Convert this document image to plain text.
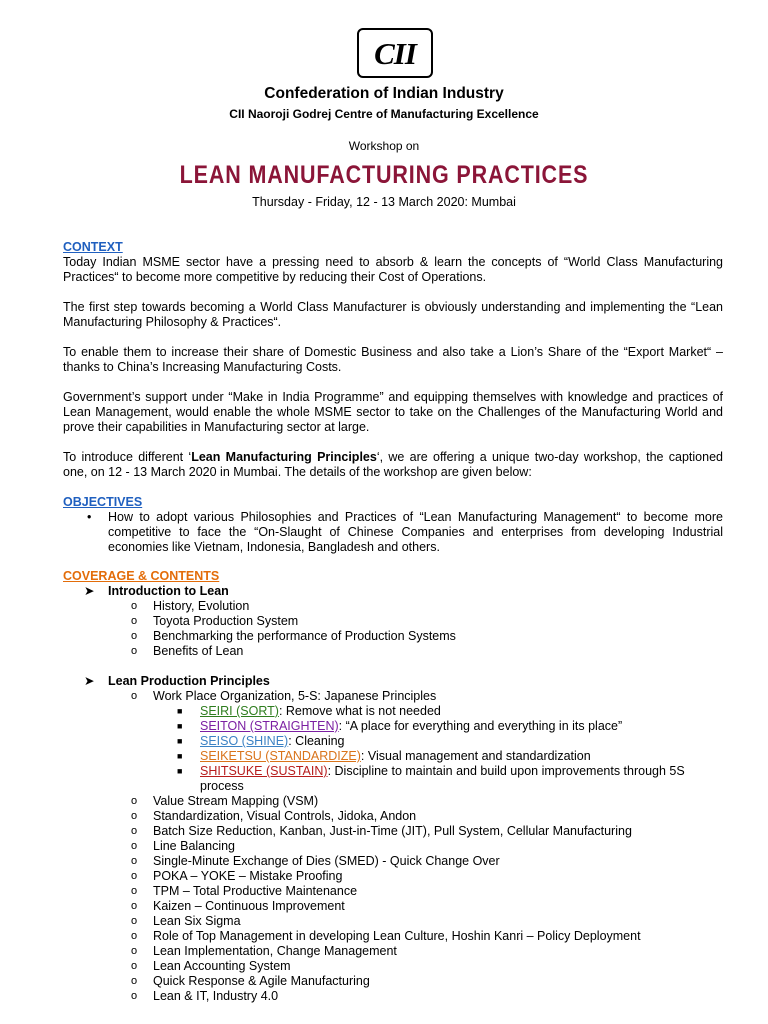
CII
Confederation of Indian Industry
CII Naoroji Godrej Centre of Manufacturing Excellence
Workshop on
LEAN MANUFACTURING PRACTICES
Thursday - Friday, 12 - 13 March 2020: Mumbai
CONTEXT

Today Indian MSME sector have a pressing need to absorb & learn the concepts of “World Class Manufacturing Practices“ to become more competitive by reducing their Cost of Operations.

The first step towards becoming a World Class Manufacturer is obviously understanding and implementing the “Lean Manufacturing Philosophy & Practices“.

To enable them to increase their share of Domestic Business and also take a Lion’s Share of the “Export Market“ – thanks to China’s Increasing Manufacturing Costs.

Government’s support under “Make in India Programme” and equipping themselves with knowledge and practices of Lean Management, would enable the whole MSME sector to take on the Challenges of the Manufacturing World and prove their capabilities in Manufacturing sector at large.

To introduce different ‘Lean Manufacturing Principles‘, we are offering a unique two-day workshop, the captioned one, on 12 - 13 March 2020 in Mumbai. The details of the workshop are given below:

OBJECTIVES
• How to adopt various Philosophies and Practices of “Lean Manufacturing Management“ to become more competitive to face the “On-Slaught of Chinese Companies and enterprises from developing Industrial economies like Vietnam, Indonesia, Bangladesh and others.
COVERAGE & CONTENTS
➤ Introduction to Lean
o History, Evolution
o Toyota Production System
o Benchmarking the performance of Production Systems
o Benefits of Lean
➤ Lean Production Principles
o Work Place Organization, 5-S: Japanese Principles
■ SEIRI (SORT): Remove what is not needed
■ SEITON (STRAIGHTEN): “A place for everything and everything in its place”
■ SEISO (SHINE): Cleaning
■ SEIKETSU (STANDARDIZE): Visual management and standardization
■ SHITSUKE (SUSTAIN): Discipline to maintain and build upon improvements through 5S process
o Value Stream Mapping (VSM)
o Standardization, Visual Controls, Jidoka, Andon
o Batch Size Reduction, Kanban, Just-in-Time (JIT), Pull System, Cellular Manufacturing
o Line Balancing
o Single-Minute Exchange of Dies (SMED) - Quick Change Over
o POKA – YOKE – Mistake Proofing
o TPM – Total Productive Maintenance
o Kaizen – Continuous Improvement
o Lean Six Sigma
o Role of Top Management in developing Lean Culture, Hoshin Kanri – Policy Deployment
o Lean Implementation, Change Management
o Lean Accounting System
o Quick Response & Agile Manufacturing
o Lean & IT, Industry 4.0
